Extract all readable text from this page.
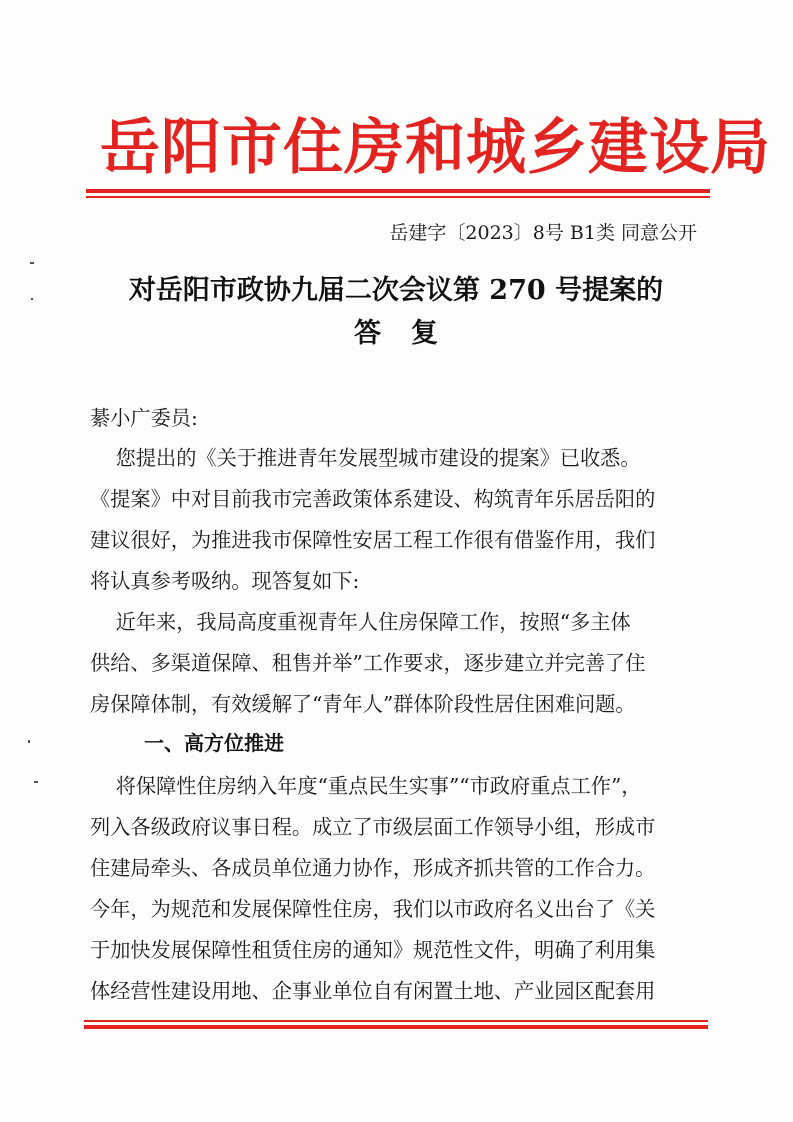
岳阳市住房和城乡建设局
岳建字〔2023〕8号 B1类 同意公开
对岳阳市政协九届二次会议第 270 号提案的
答复
綦小广委员:
您提出的《关于推进青年发展型城市建设的提案》已收悉。
《提案》中对目前我市完善政策体系建设、构筑青年乐居岳阳的
建议很好，为推进我市保障性安居工程工作很有借鉴作用，我们
将认真参考吸纳。现答复如下:
近年来，我局高度重视青年人住房保障工作，按照“多主体
供给、多渠道保障、租售并举”工作要求，逐步建立并完善了住
房保障体制，有效缓解了“青年人”群体阶段性居住困难问题。
一、高方位推进
将保障性住房纳入年度“重点民生实事”“市政府重点工作”，
列入各级政府议事日程。成立了市级层面工作领导小组，形成市
住建局牵头、各成员单位通力协作，形成齐抓共管的工作合力。
今年，为规范和发展保障性住房，我们以市政府名义出台了《关
于加快发展保障性租赁住房的通知》规范性文件，明确了利用集
体经营性建设用地、企事业单位自有闲置土地、产业园区配套用
